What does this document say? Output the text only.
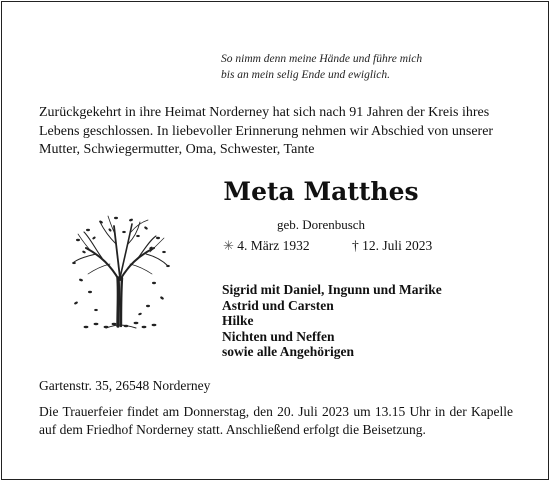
So nimm denn meine Hände und führe mich
bis an mein selig Ende und ewiglich.
Zurückgekehrt in ihre Heimat Norderney hat sich nach 91 Jahren der Kreis ihres Lebens geschlossen. In liebevoller Erinnerung nehmen wir Abschied von unserer Mutter, Schwiegermutter, Oma, Schwester, Tante
Meta Matthes
geb. Dorenbusch
✳ 4. März 1932	† 12. Juli 2023
Sigrid mit Daniel, Ingunn und Marike
Astrid und Carsten
Hilke
Nichten und Neffen
sowie alle Angehörigen
Gartenstr. 35, 26548 Norderney
Die Trauerfeier findet am Donnerstag, den 20. Juli 2023 um 13.15 Uhr in der Kapelle auf dem Friedhof Norderney statt. Anschließend erfolgt die Beisetzung.
